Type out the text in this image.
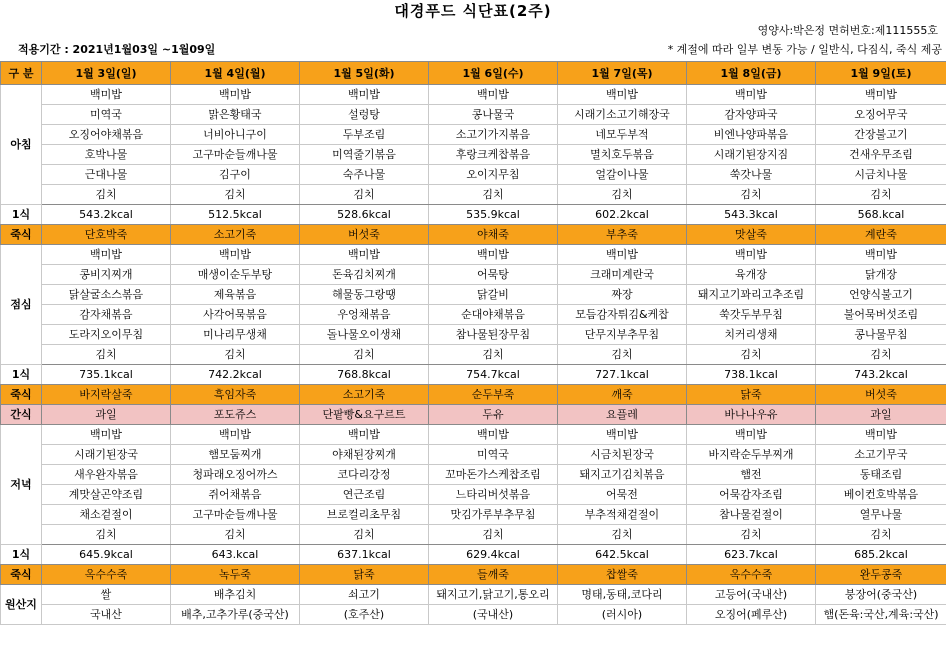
대경푸드 식단표(2주)
영양사:박은정 면허번호:제111555호
적용기간 : 2021년1월03일 ~1월09일	* 계절에 따라 일부 변동 가능 / 일반식, 다짐식, 죽식 제공
구 분	1월 3일(일)	1월 4일(월)	1월 5일(화)	1월 6일(수)	1월 7일(목)	1월 8일(금)	1월 9일(토)
아침	백미밥	백미밥	백미밥	백미밥	백미밥	백미밥	백미밥
	미역국	맑은황태국	설렁탕	콩나물국	시래기소고기해장국	감자양파국	오징어무국
	오징어야채볶음	너비아니구이	두부조림	소고기가지볶음	네모두부적	비엔나양파볶음	간장불고기
	호박나물	고구마순들깨나물	미역줄기볶음	후랑크케찹볶음	멸치호두볶음	시래기된장지짐	건새우무조림
	근대나물	김구이	숙주나물	오이지무침	얼갈이나물	쑥갓나물	시금치나물
	김치	김치	김치	김치	김치	김치	김치
1식	543.2kcal	512.5kcal	528.6kcal	535.9kcal	602.2kcal	543.3kcal	568.kcal
죽식	단호박죽	소고기죽	버섯죽	야채죽	부추죽	맛살죽	계란죽
점심	백미밥	백미밥	백미밥	백미밥	백미밥	백미밥	백미밥
	콩비지찌개	매생이순두부탕	돈육김치찌개	어묵탕	크래미계란국	육개장	닭개장
	닭살굴소스볶음	제육볶음	해물동그랑땡	닭갈비	짜장	돼지고기꽈리고추조림	언양식불고기
	감자채볶음	사각어묵볶음	우엉채볶음	순대야채볶음	모듬감자튀김&케찹	쑥갓두부무침	불어묵버섯조림
	도라지오이무침	미나리무생채	돌나물오이생채	참나물된장무침	단무지부추무침	치커리생채	콩나물무침
	김치	김치	김치	김치	김치	김치	김치
1식	735.1kcal	742.2kcal	768.8kcal	754.7kcal	727.1kcal	738.1kcal	743.2kcal
죽식	바지락살죽	흑임자죽	소고기죽	순두부죽	깨죽	닭죽	버섯죽
간식	과일	포도쥬스	단팥빵&요구르트	두유	요플레	바나나우유	과일
저녁	백미밥	백미밥	백미밥	백미밥	백미밥	백미밥	백미밥
	시래기된장국	햄모둠찌개	야채된장찌개	미역국	시금치된장국	바지락순두부찌개	소고기무국
	새우완자볶음	청파래오징어까스	코다리강정	꼬마돈가스케찹조림	돼지고기김치볶음	햄전	동태조림
	계맛살곤약조림	쥐어채볶음	연근조림	느타리버섯볶음	어묵전	어묵감자조림	베이컨호박볶음
	채소겉절이	고구마순들깨나물	브로컬리초무침	맛김가루부추무침	부추적채겉절이	참나물겉절이	열무나물
	김치	김치	김치	김치	김치	김치	김치
1식	645.9kcal	643.kcal	637.1kcal	629.4kcal	642.5kcal	623.7kcal	685.2kcal
죽식	옥수수죽	녹두죽	닭죽	들깨죽	찹쌀죽	옥수수죽	완두콩죽
원산지	쌀	배추김치	쇠고기	돼지고기,닭고기,통오리	명태,동태,코다리	고등어(국내산)	붕장어(중국산)
	국내산	배추,고추가루(중국산)	(호주산)	(국내산)	(러시아)	오징어(페루산)	햄(돈육:국산,계육:국산)
